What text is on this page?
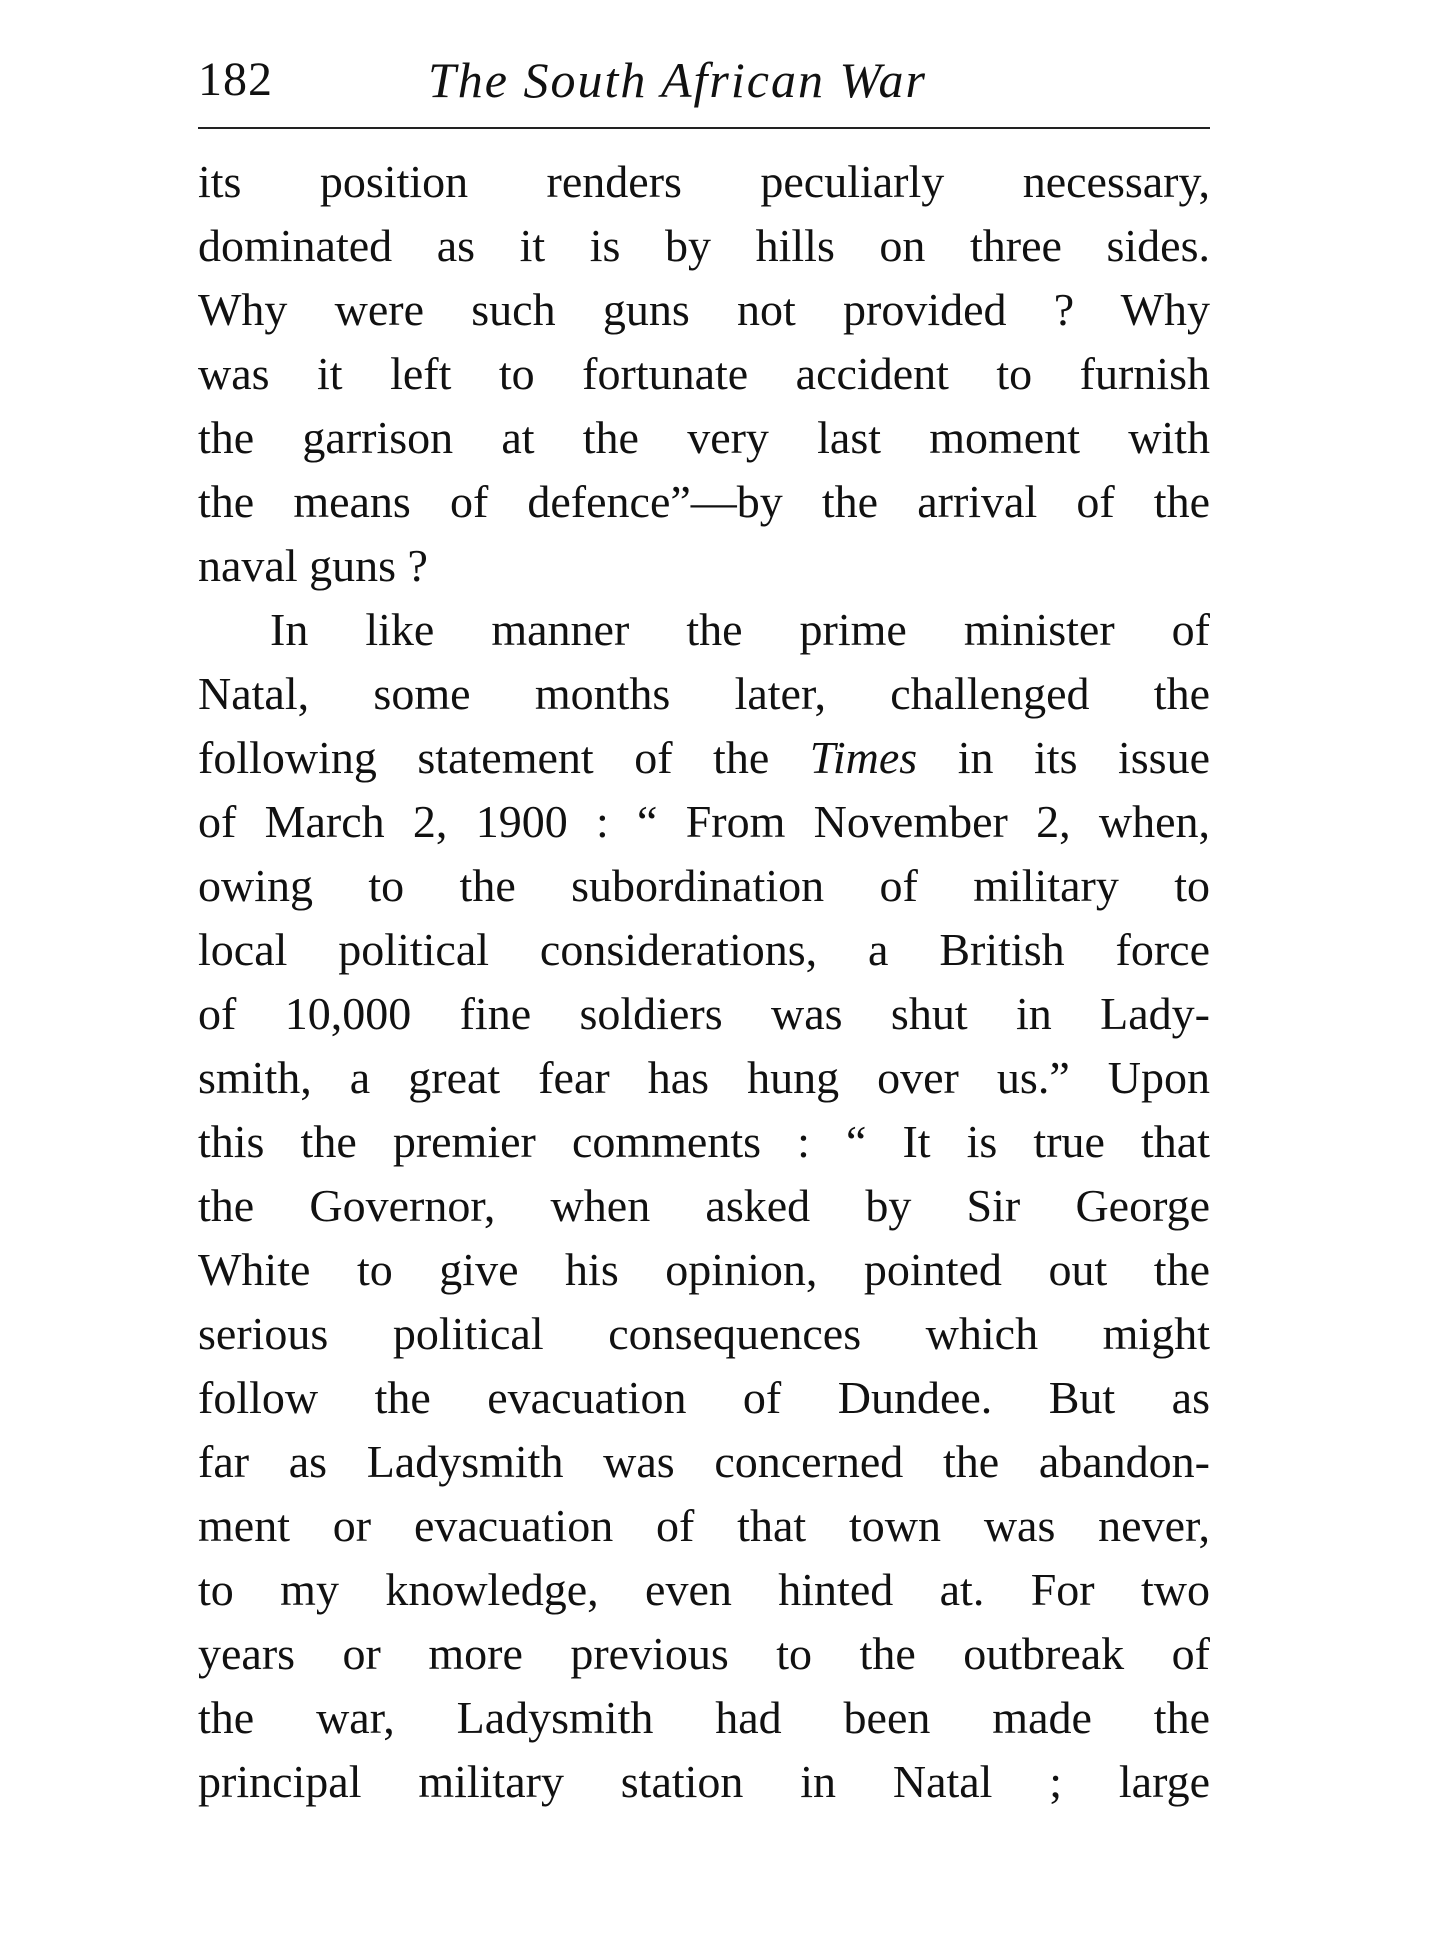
182	The South African War
its position renders peculiarly necessary,
dominated as it is by hills on three sides.
Why were such guns not provided ? Why
was it left to fortunate accident to furnish
the garrison at the very last moment with
the means of defence”—by the arrival of the
naval guns ?
In like manner the prime minister of
Natal, some months later, challenged the
following statement of the Times in its issue
of March 2, 1900 : “ From November 2, when,
owing to the subordination of military to
local political considerations, a British force
of 10,000 fine soldiers was shut in Lady-
smith, a great fear has hung over us.” Upon
this the premier comments : “ It is true that
the Governor, when asked by Sir George
White to give his opinion, pointed out the
serious political consequences which might
follow the evacuation of Dundee. But as
far as Ladysmith was concerned the abandon-
ment or evacuation of that town was never,
to my knowledge, even hinted at. For two
years or more previous to the outbreak of
the war, Ladysmith had been made the
principal military station in Natal ; large
